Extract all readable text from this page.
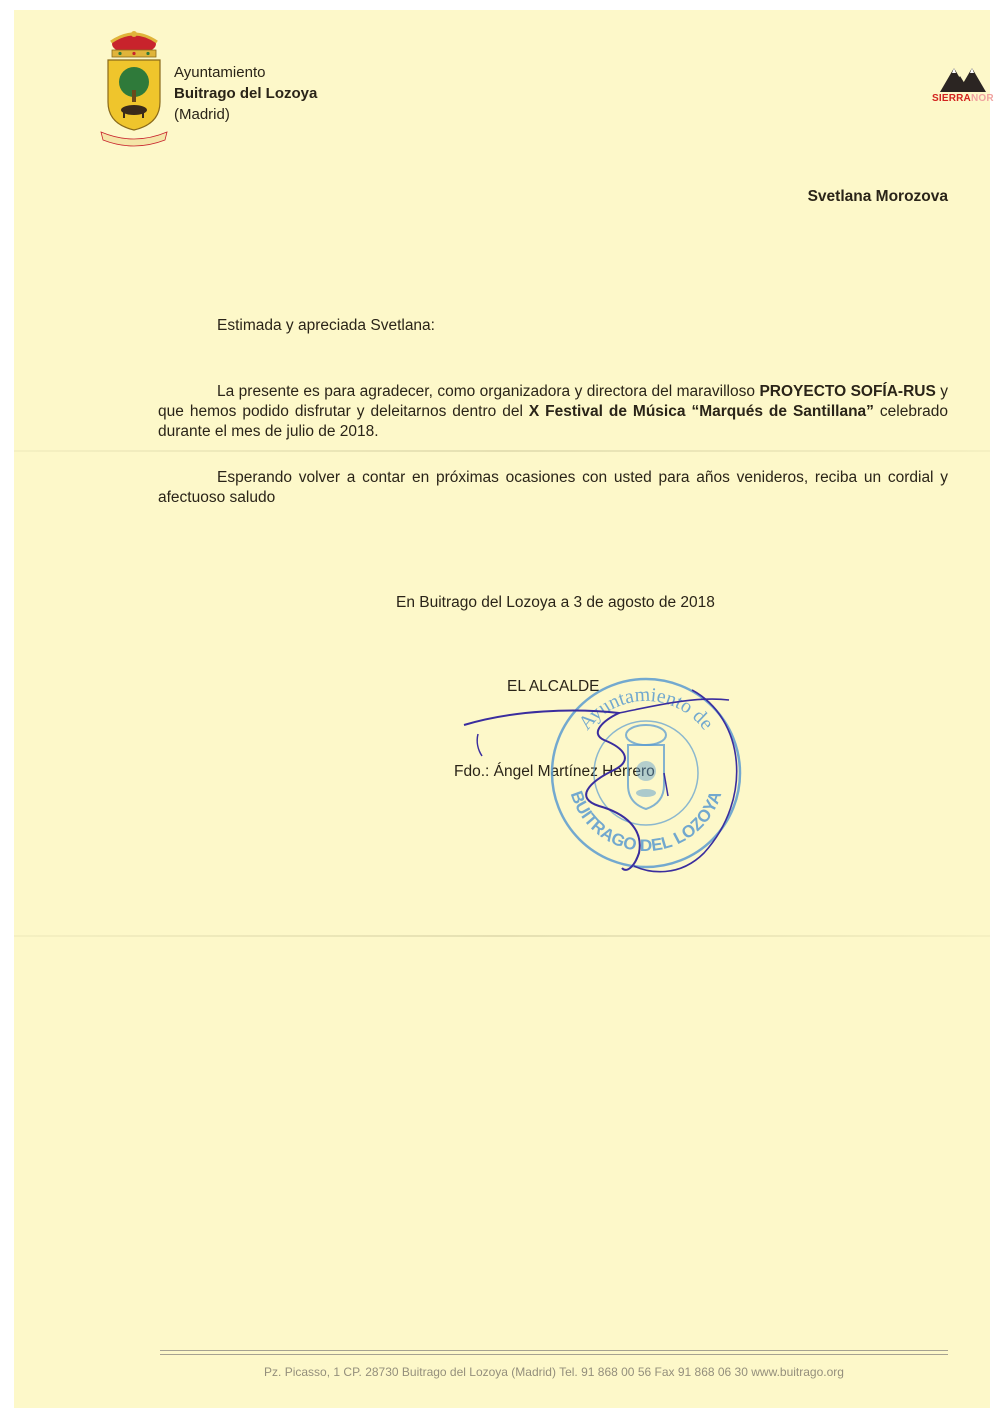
Ayuntamiento
Buitrago del Lozoya
(Madrid)
SIERRANOR
Svetlana Morozova
Estimada y apreciada Svetlana:
La presente es para agradecer, como organizadora y directora del maravilloso PROYECTO SOFÍA-RUS y que hemos podido disfrutar y deleitarnos dentro del X Festival de Música “Marqués de Santillana” celebrado durante el mes de julio de 2018.
Esperando volver a contar en próximas ocasiones con usted para años venideros, reciba un cordial y afectuoso saludo
En Buitrago del Lozoya a 3 de agosto de 2018
EL ALCALDE
Fdo.: Ángel Martínez Herrero
Ayuntamiento de
BUITRAGO DEL LOZOYA
Pz. Picasso, 1 CP. 28730 Buitrago del Lozoya (Madrid) Tel. 91 868 00 56 Fax 91 868 06 30 www.buitrago.org
